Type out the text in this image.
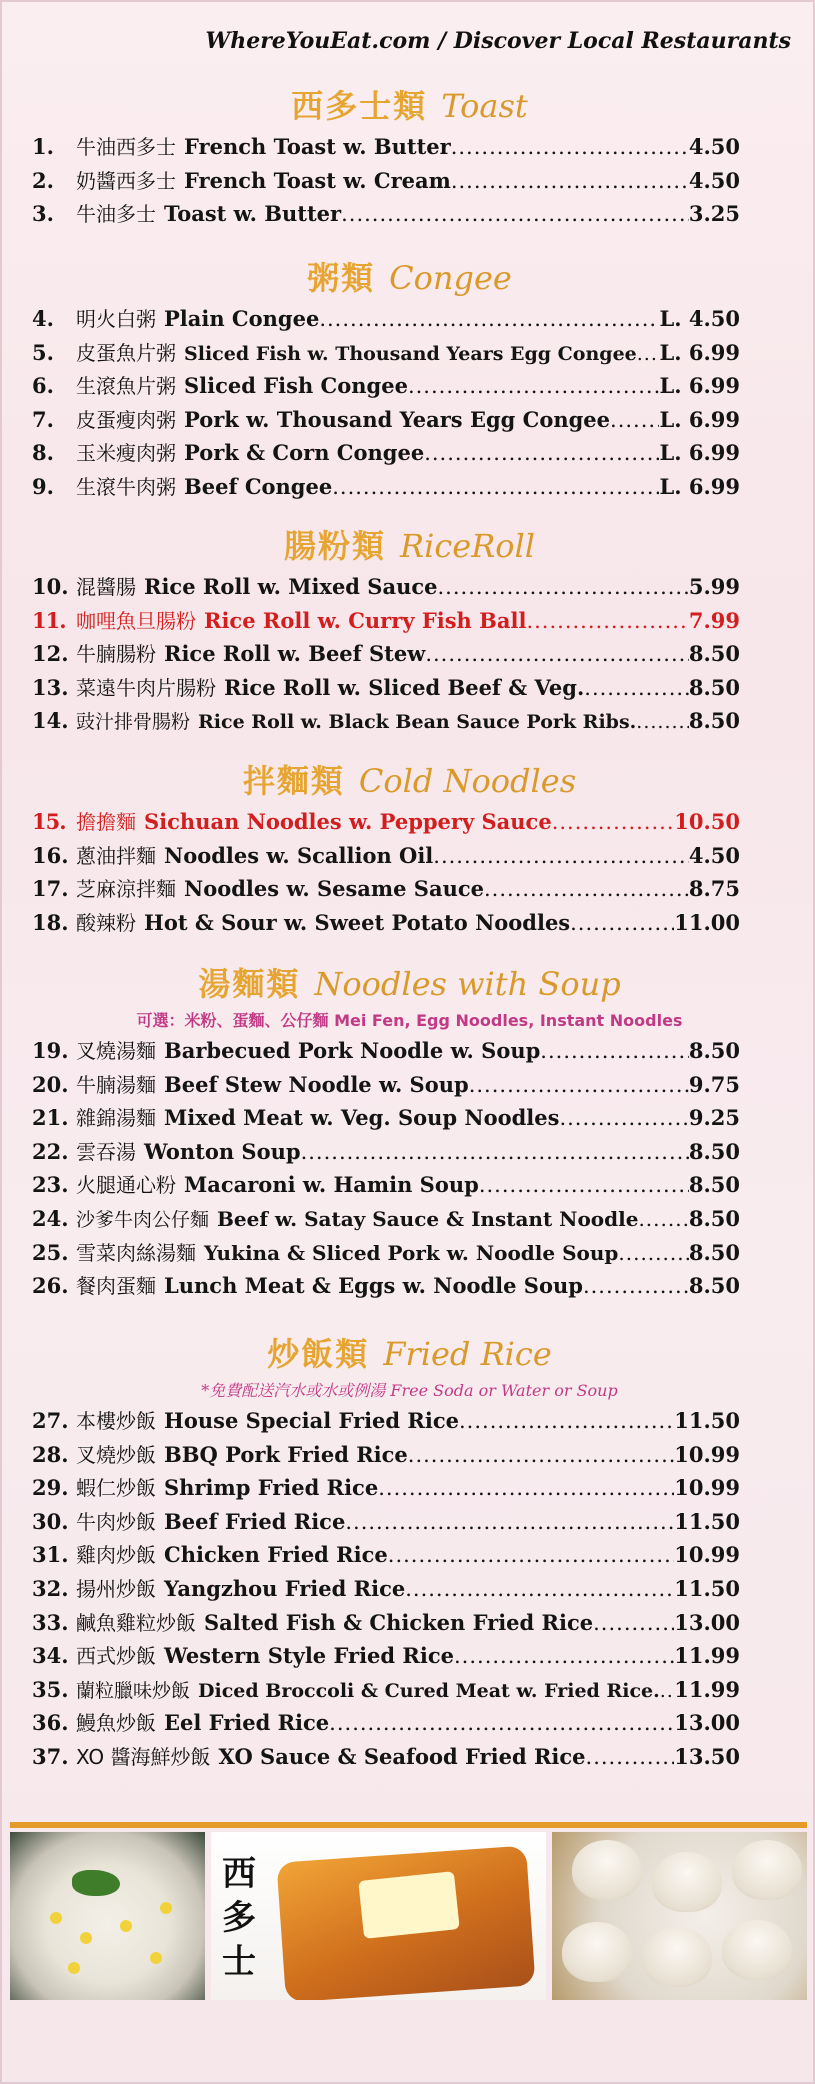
WhereYouEat.com / Discover Local Restaurants
西多士類 Toast
1.	牛油西多士 French Toast w. Butter .....	4.50
2.	奶醬西多士 French Toast w. Cream .....	4.50
3.	牛油多士 Toast w. Butter .....	3.25
粥類 Congee
4.	明火白粥 Plain Congee .....	L. 4.50
5.	皮蛋魚片粥 Sliced Fish w. Thousand Years Egg Congee ..... L. 6.99
6.	生滾魚片粥 Sliced Fish Congee .....	L. 6.99
7.	皮蛋瘦肉粥 Pork w. Thousand Years Egg Congee ..... L. 6.99
8.	玉米瘦肉粥 Pork & Corn Congee .....	L. 6.99
9.	生滾牛肉粥 Beef Congee .....	L. 6.99
腸粉類 RiceRoll
10. 混醬腸 Rice Roll w. Mixed Sauce .....	5.99
11. 咖哩魚旦腸粉 Rice Roll w. Curry Fish Ball .....	7.99
12. 牛腩腸粉 Rice Roll w. Beef Stew .....	8.50
13. 菜遠牛肉片腸粉 Rice Roll w. Sliced Beef & Veg. .....	8.50
14. 豉汁排骨腸粉 Rice Roll w. Black Bean Sauce Pork Ribs. .....	8.50
拌麵類 Cold Noodles
15. 擔擔麵 Sichuan Noodles w. Peppery Sauce .....	10.50
16. 蔥油拌麵 Noodles w. Scallion Oil .....	4.50
17. 芝麻涼拌麵 Noodles w. Sesame Sauce .....	8.75
18. 酸辣粉 Hot & Sour w. Sweet Potato Noodles .....	11.00
湯麵類 Noodles with Soup
可選：米粉、蛋麵、公仔麵 Mei Fen, Egg Noodles, Instant Noodles
19. 叉燒湯麵 Barbecued Pork Noodle w. Soup .....	8.50
20. 牛腩湯麵 Beef Stew Noodle w. Soup .....	9.75
21. 雜錦湯麵 Mixed Meat w. Veg. Soup Noodles .....	9.25
22. 雲吞湯 Wonton Soup .....	8.50
23. 火腿通心粉 Macaroni w. Hamin Soup .....	8.50
24. 沙爹牛肉公仔麵 Beef w. Satay Sauce & Instant Noodle ..... 8.50
25. 雪菜肉絲湯麵 Yukina & Sliced Pork w. Noodle Soup .....	8.50
26. 餐肉蛋麵 Lunch Meat & Eggs w. Noodle Soup .....	8.50
炒飯類 Fried Rice
*免費配送汽水或水或例湯 Free Soda or Water or Soup
27. 本樓炒飯 House Special Fried Rice .....	11.50
28. 叉燒炒飯 BBQ Pork Fried Rice .....	10.99
29. 蝦仁炒飯 Shrimp Fried Rice .....	10.99
30. 牛肉炒飯 Beef Fried Rice .....	11.50
31. 雞肉炒飯 Chicken Fried Rice .....	10.99
32. 揚州炒飯 Yangzhou Fried Rice .....	11.50
33. 鹹魚雞粒炒飯 Salted Fish & Chicken Fried Rice .....	13.00
34. 西式炒飯 Western Style Fried Rice .....	11.99
35. 蘭粒臘味炒飯 Diced Broccoli & Cured Meat w. Fried Rice. ..... 11.99
36. 鰻魚炒飯 Eel Fried Rice .....	13.00
37. XO 醬海鮮炒飯 XO Sauce & Seafood Fried Rice .....	13.50
西多士
